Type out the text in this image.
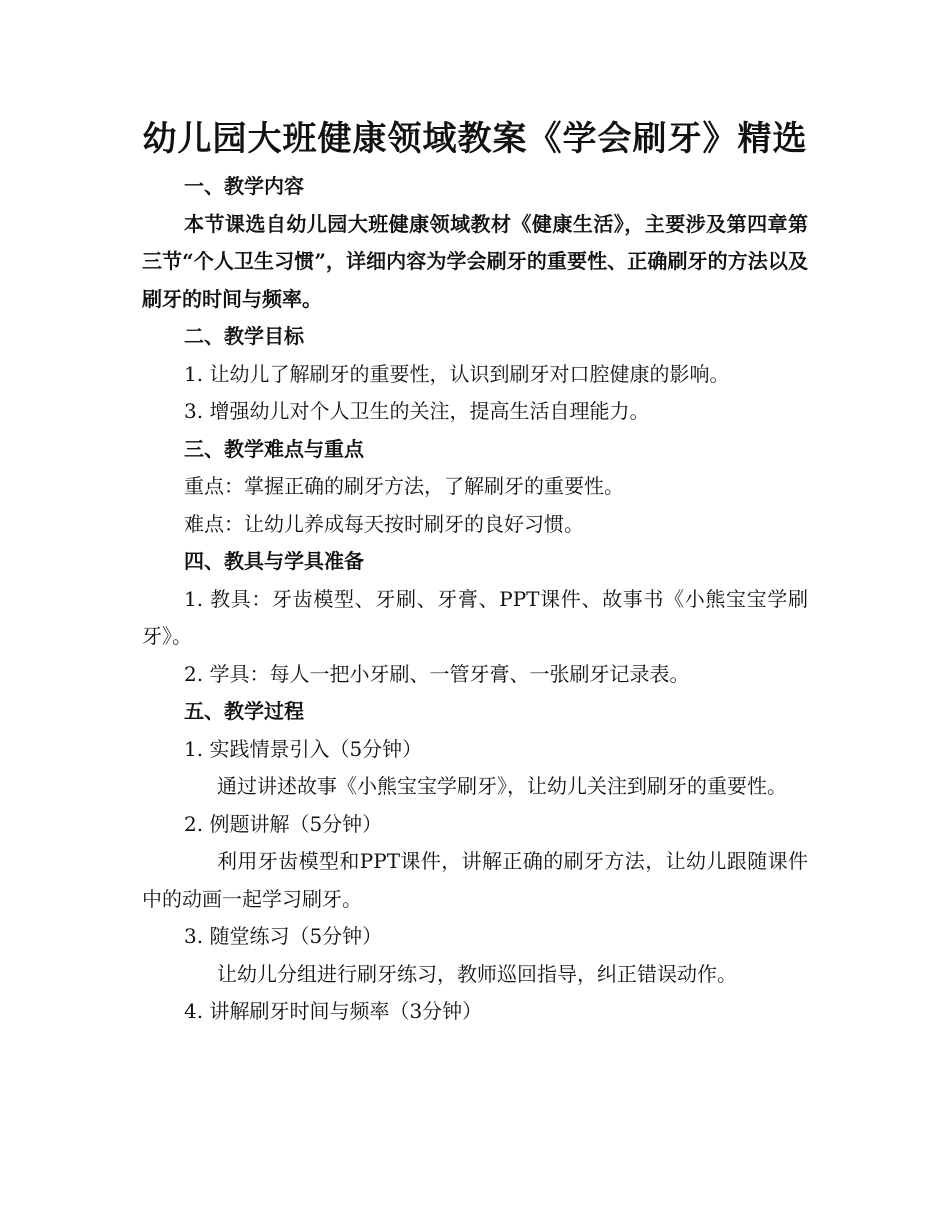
幼儿园大班健康领域教案《学会刷牙》精选

一、教学内容

本节课选自幼儿园大班健康领域教材《健康生活》，主要涉及第四章第三节“个人卫生习惯”，详细内容为学会刷牙的重要性、正确刷牙的方法以及刷牙的时间与频率。

二、教学目标

1. 让幼儿了解刷牙的重要性，认识到刷牙对口腔健康的影响。

3. 增强幼儿对个人卫生的关注，提高生活自理能力。

三、教学难点与重点

重点：掌握正确的刷牙方法，了解刷牙的重要性。

难点：让幼儿养成每天按时刷牙的良好习惯。

四、教具与学具准备

1. 教具：牙齿模型、牙刷、牙膏、PPT课件、故事书《小熊宝宝学刷牙》。

2. 学具：每人一把小牙刷、一管牙膏、一张刷牙记录表。

五、教学过程

1. 实践情景引入（5分钟）

通过讲述故事《小熊宝宝学刷牙》，让幼儿关注到刷牙的重要性。

2. 例题讲解（5分钟）

利用牙齿模型和PPT课件，讲解正确的刷牙方法，让幼儿跟随课件中的动画一起学习刷牙。

3. 随堂练习（5分钟）

让幼儿分组进行刷牙练习，教师巡回指导，纠正错误动作。

4. 讲解刷牙时间与频率（3分钟）
